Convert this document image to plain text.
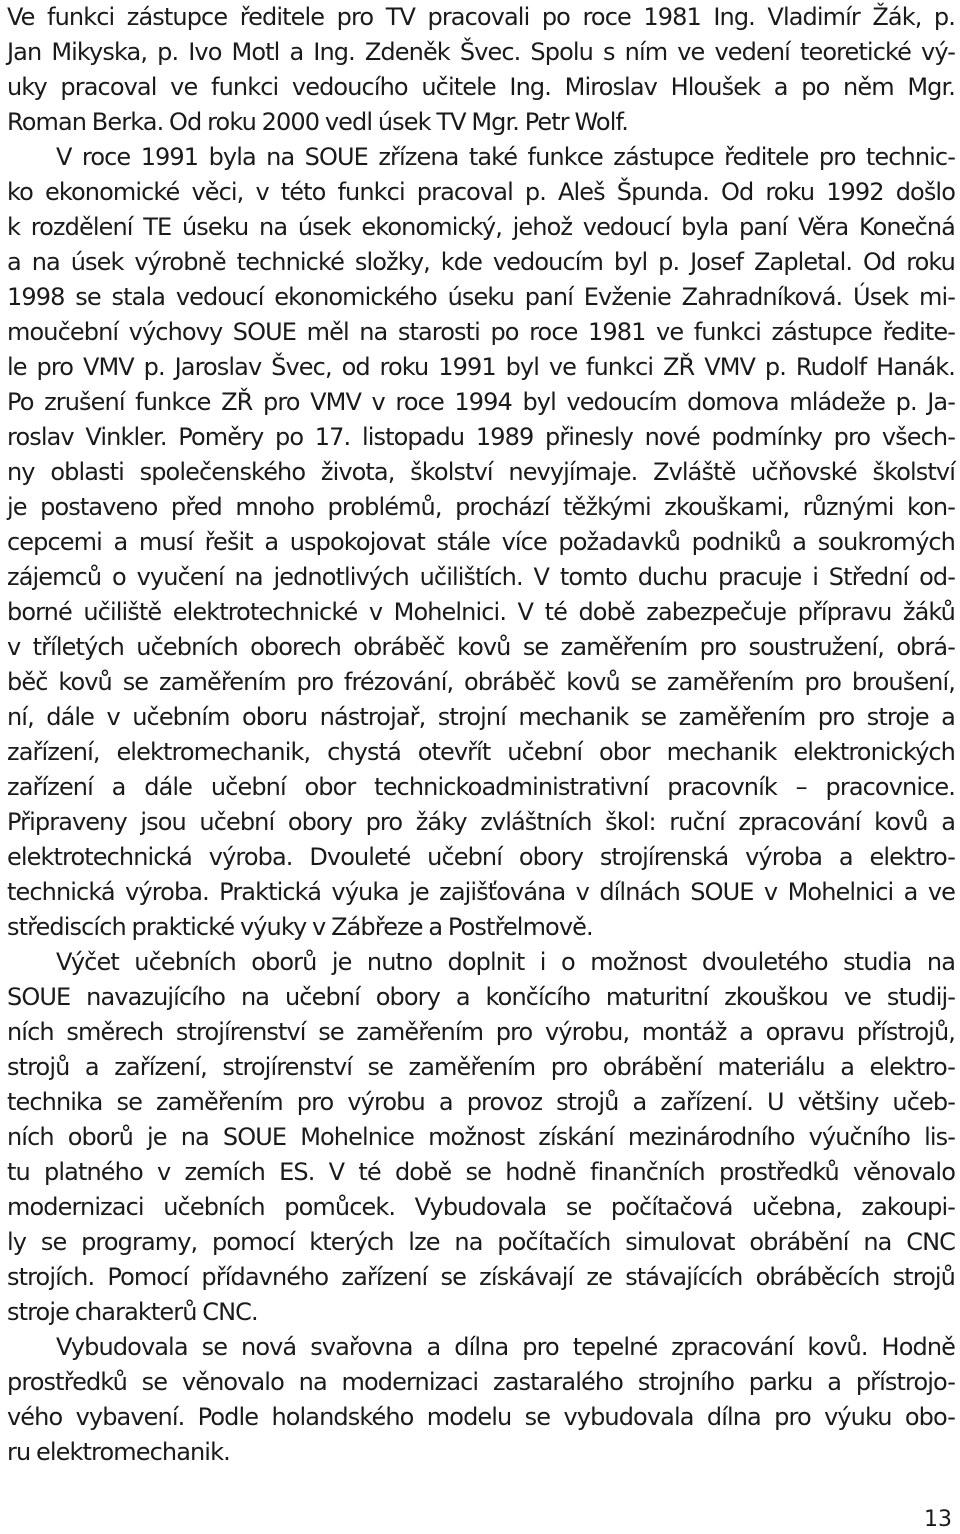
Ve funkci zástupce ředitele pro TV pracovali po roce 1981 Ing. Vladimír Žák, p.
Jan Mikyska, p. Ivo Motl a Ing. Zdeněk Švec. Spolu s ním ve vedení teoretické vý-
uky pracoval ve funkci vedoucího učitele Ing. Miroslav Hloušek a po něm Mgr.
Roman Berka. Od roku 2000 vedl úsek TV Mgr. Petr Wolf.
V roce 1991 byla na SOUE zřízena také funkce zástupce ředitele pro technic-
ko ekonomické věci, v této funkci pracoval p. Aleš Špunda. Od roku 1992 došlo
k rozdělení TE úseku na úsek ekonomický, jehož vedoucí byla paní Věra Konečná
a na úsek výrobně technické složky, kde vedoucím byl p. Josef Zapletal. Od roku
1998 se stala vedoucí ekonomického úseku paní Evženie Zahradníková. Úsek mi-
moučební výchovy SOUE měl na starosti po roce 1981 ve funkci zástupce ředite-
le pro VMV p. Jaroslav Švec, od roku 1991 byl ve funkci ZŘ VMV p. Rudolf Hanák.
Po zrušení funkce ZŘ pro VMV v roce 1994 byl vedoucím domova mládeže p. Ja-
roslav Vinkler. Poměry po 17. listopadu 1989 přinesly nové podmínky pro všech-
ny oblasti společenského života, školství nevyjímaje. Zvláště učňovské školství
je postaveno před mnoho problémů, prochází těžkými zkouškami, různými kon-
cepcemi a musí řešit a uspokojovat stále více požadavků podniků a soukromých
zájemců o vyučení na jednotlivých učilištích. V tomto duchu pracuje i Střední od-
borné učiliště elektrotechnické v Mohelnici. V té době zabezpečuje přípravu žáků
v tříletých učebních oborech obráběč kovů se zaměřením pro soustružení, obrá-
běč kovů se zaměřením pro frézování, obráběč kovů se zaměřením pro broušení,
ní, dále v učebním oboru nástrojař, strojní mechanik se zaměřením pro stroje a
zařízení, elektromechanik, chystá otevřít učební obor mechanik elektronických
zařízení a dále učební obor technickoadministrativní pracovník – pracovnice.
Připraveny jsou učební obory pro žáky zvláštních škol: ruční zpracování kovů a
elektrotechnická výroba. Dvouleté učební obory strojírenská výroba a elektro-
technická výroba. Praktická výuka je zajišťována v dílnách SOUE v Mohelnici a ve
střediscích praktické výuky v Zábřeze a Postřelmově.
Výčet učebních oborů je nutno doplnit i o možnost dvouletého studia na
SOUE navazujícího na učební obory a končícího maturitní zkouškou ve studij-
ních směrech strojírenství se zaměřením pro výrobu, montáž a opravu přístrojů,
strojů a zařízení, strojírenství se zaměřením pro obrábění materiálu a elektro-
technika se zaměřením pro výrobu a provoz strojů a zařízení. U většiny učeb-
ních oborů je na SOUE Mohelnice možnost získání mezinárodního výučního lis-
tu platného v zemích ES. V té době se hodně finančních prostředků věnovalo
modernizaci učebních pomůcek. Vybudovala se počítačová učebna, zakoupi-
ly se programy, pomocí kterých lze na počítačích simulovat obrábění na CNC
strojích. Pomocí přídavného zařízení se získávají ze stávajících obráběcích strojů
stroje charakterů CNC.
Vybudovala se nová svařovna a dílna pro tepelné zpracování kovů. Hodně
prostředků se věnovalo na modernizaci zastaralého strojního parku a přístrojo-
vého vybavení. Podle holandského modelu se vybudovala dílna pro výuku obo-
ru elektromechanik.
13
